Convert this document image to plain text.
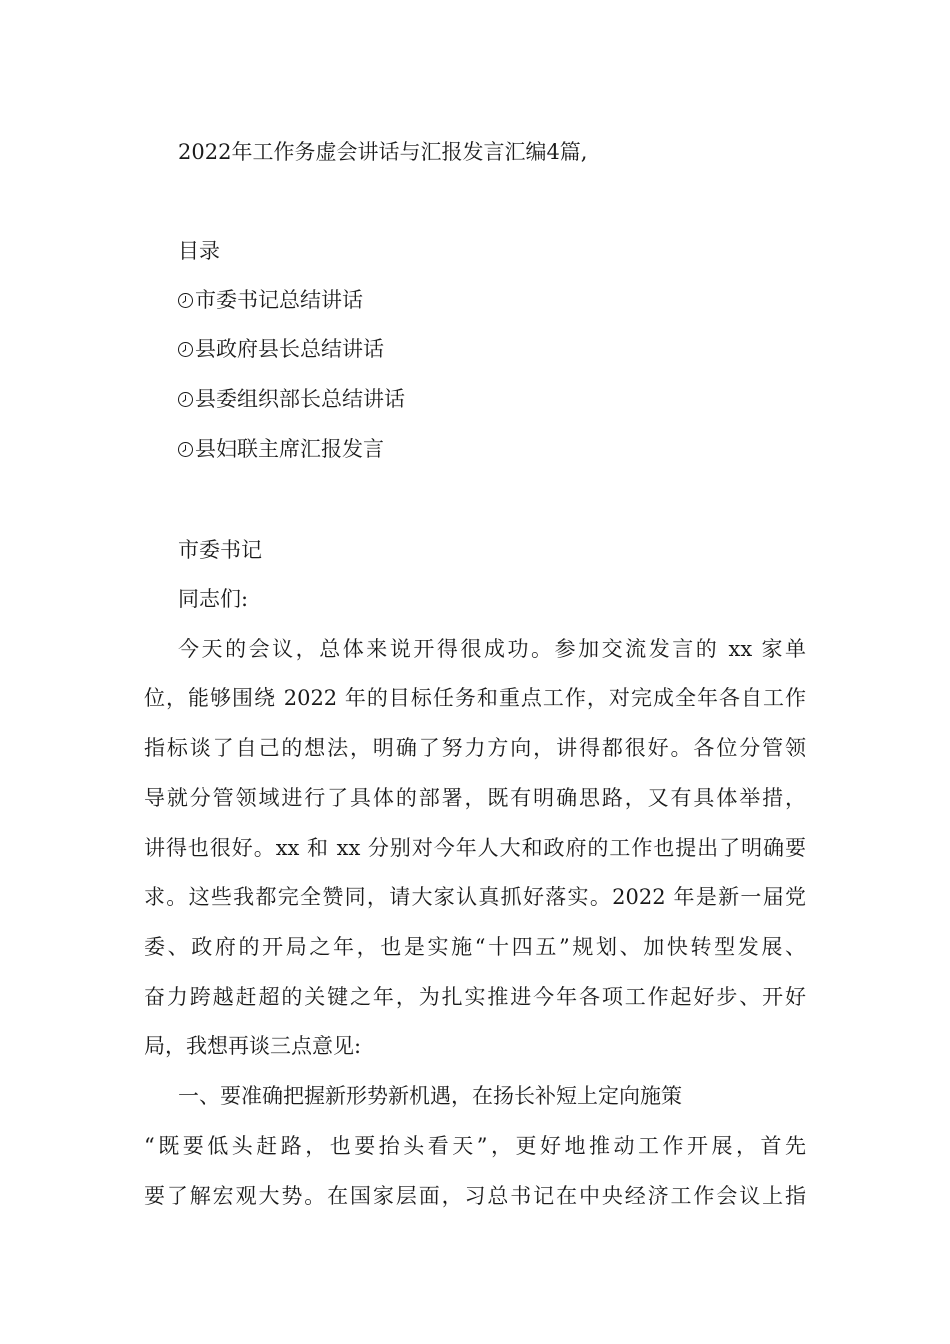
2022年工作务虚会讲话与汇报发言汇编4篇,
目录
市委书记总结讲话
县政府县长总结讲话
县委组织部长总结讲话
县妇联主席汇报发言
市委书记
同志们:
今天的会议，总体来说开得很成功。参加交流发言的 xx 家单
位，能够围绕 2022 年的目标任务和重点工作，对完成全年各自工作
指标谈了自己的想法，明确了努力方向，讲得都很好。各位分管领
导就分管领域进行了具体的部署，既有明确思路，又有具体举措，
讲得也很好。xx 和 xx 分别对今年人大和政府的工作也提出了明确要
求。这些我都完全赞同，请大家认真抓好落实。2022 年是新一届党
委、政府的开局之年，也是实施“十四五”规划、加快转型发展、
奋力跨越赶超的关键之年，为扎实推进今年各项工作起好步、开好
局，我想再谈三点意见:
一、要准确把握新形势新机遇，在扬长补短上定向施策
“既要低头赶路，也要抬头看天”，更好地推动工作开展，首先
要了解宏观大势。在国家层面，习总书记在中央经济工作会议上指
